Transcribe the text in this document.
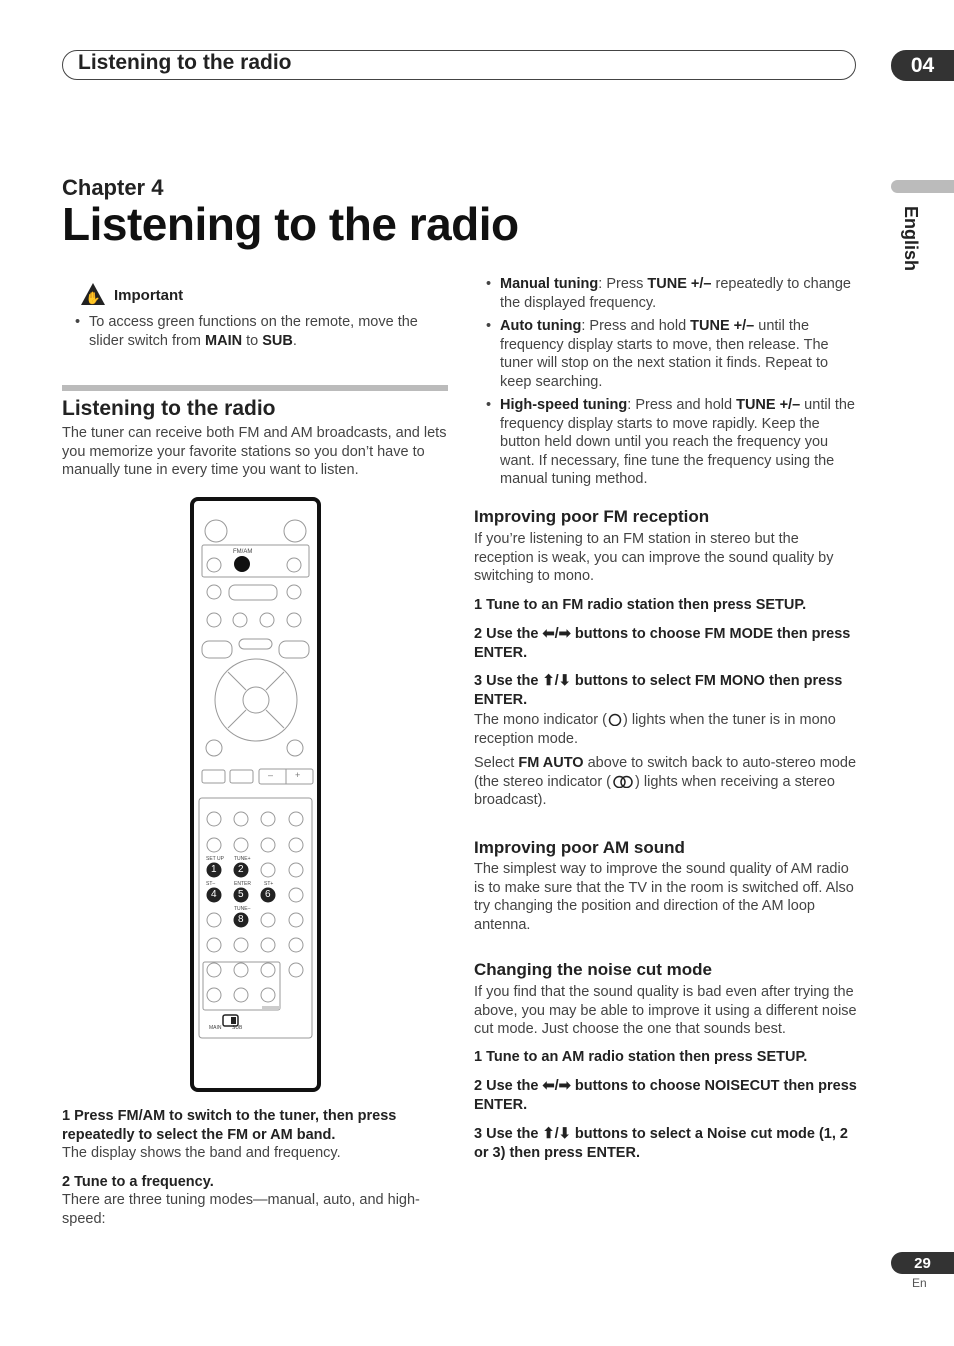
Listening to the radio	04
Chapter 4
Listening to the radio	English
✋ Important
• To access green functions on the remote, move the slider switch from MAIN to SUB.
Listening to the radio
The tuner can receive both FM and AM broadcasts, and lets you memorize your favorite stations so you don’t have to manually tune in every time you want to listen.
FM/AM
SET UP TUNE+
ST–	ENTER	ST+
TUNE–
1 2
4 5 6
8
– +
MAIN SUB
1 Press FM/AM to switch to the tuner, then press repeatedly to select the FM or AM band.
The display shows the band and frequency.
2 Tune to a frequency.
There are three tuning modes—manual, auto, and high-speed:
• Manual tuning: Press TUNE +/– repeatedly to change the displayed frequency.
• Auto tuning: Press and hold TUNE +/– until the frequency display starts to move, then release. The tuner will stop on the next station it finds. Repeat to keep searching.
• High-speed tuning: Press and hold TUNE +/– until the frequency display starts to move rapidly. Keep the button held down until you reach the frequency you want. If necessary, fine tune the frequency using the manual tuning method.
Improving poor FM reception
If you’re listening to an FM station in stereo but the reception is weak, you can improve the sound quality by switching to mono.
1 Tune to an FM radio station then press SETUP.
2 Use the ⬅/➡ buttons to choose FM MODE then press ENTER.
3 Use the ⬆/⬇ buttons to select FM MONO then press ENTER.
The mono indicator ( ) lights when the tuner is in mono reception mode.
Select FM AUTO above to switch back to auto-stereo mode (the stereo indicator ( ) lights when receiving a stereo broadcast).
Improving poor AM sound
The simplest way to improve the sound quality of AM radio is to make sure that the TV in the room is switched off. Also try changing the position and direction of the AM loop antenna.
Changing the noise cut mode
If you find that the sound quality is bad even after trying the above, you may be able to improve it using a different noise cut mode. Just choose the one that sounds best.
1 Tune to an AM radio station then press SETUP.
2 Use the ⬅/➡ buttons to choose NOISECUT then press ENTER.
3 Use the ⬆/⬇ buttons to select a Noise cut mode (1, 2 or 3) then press ENTER.
29
En
